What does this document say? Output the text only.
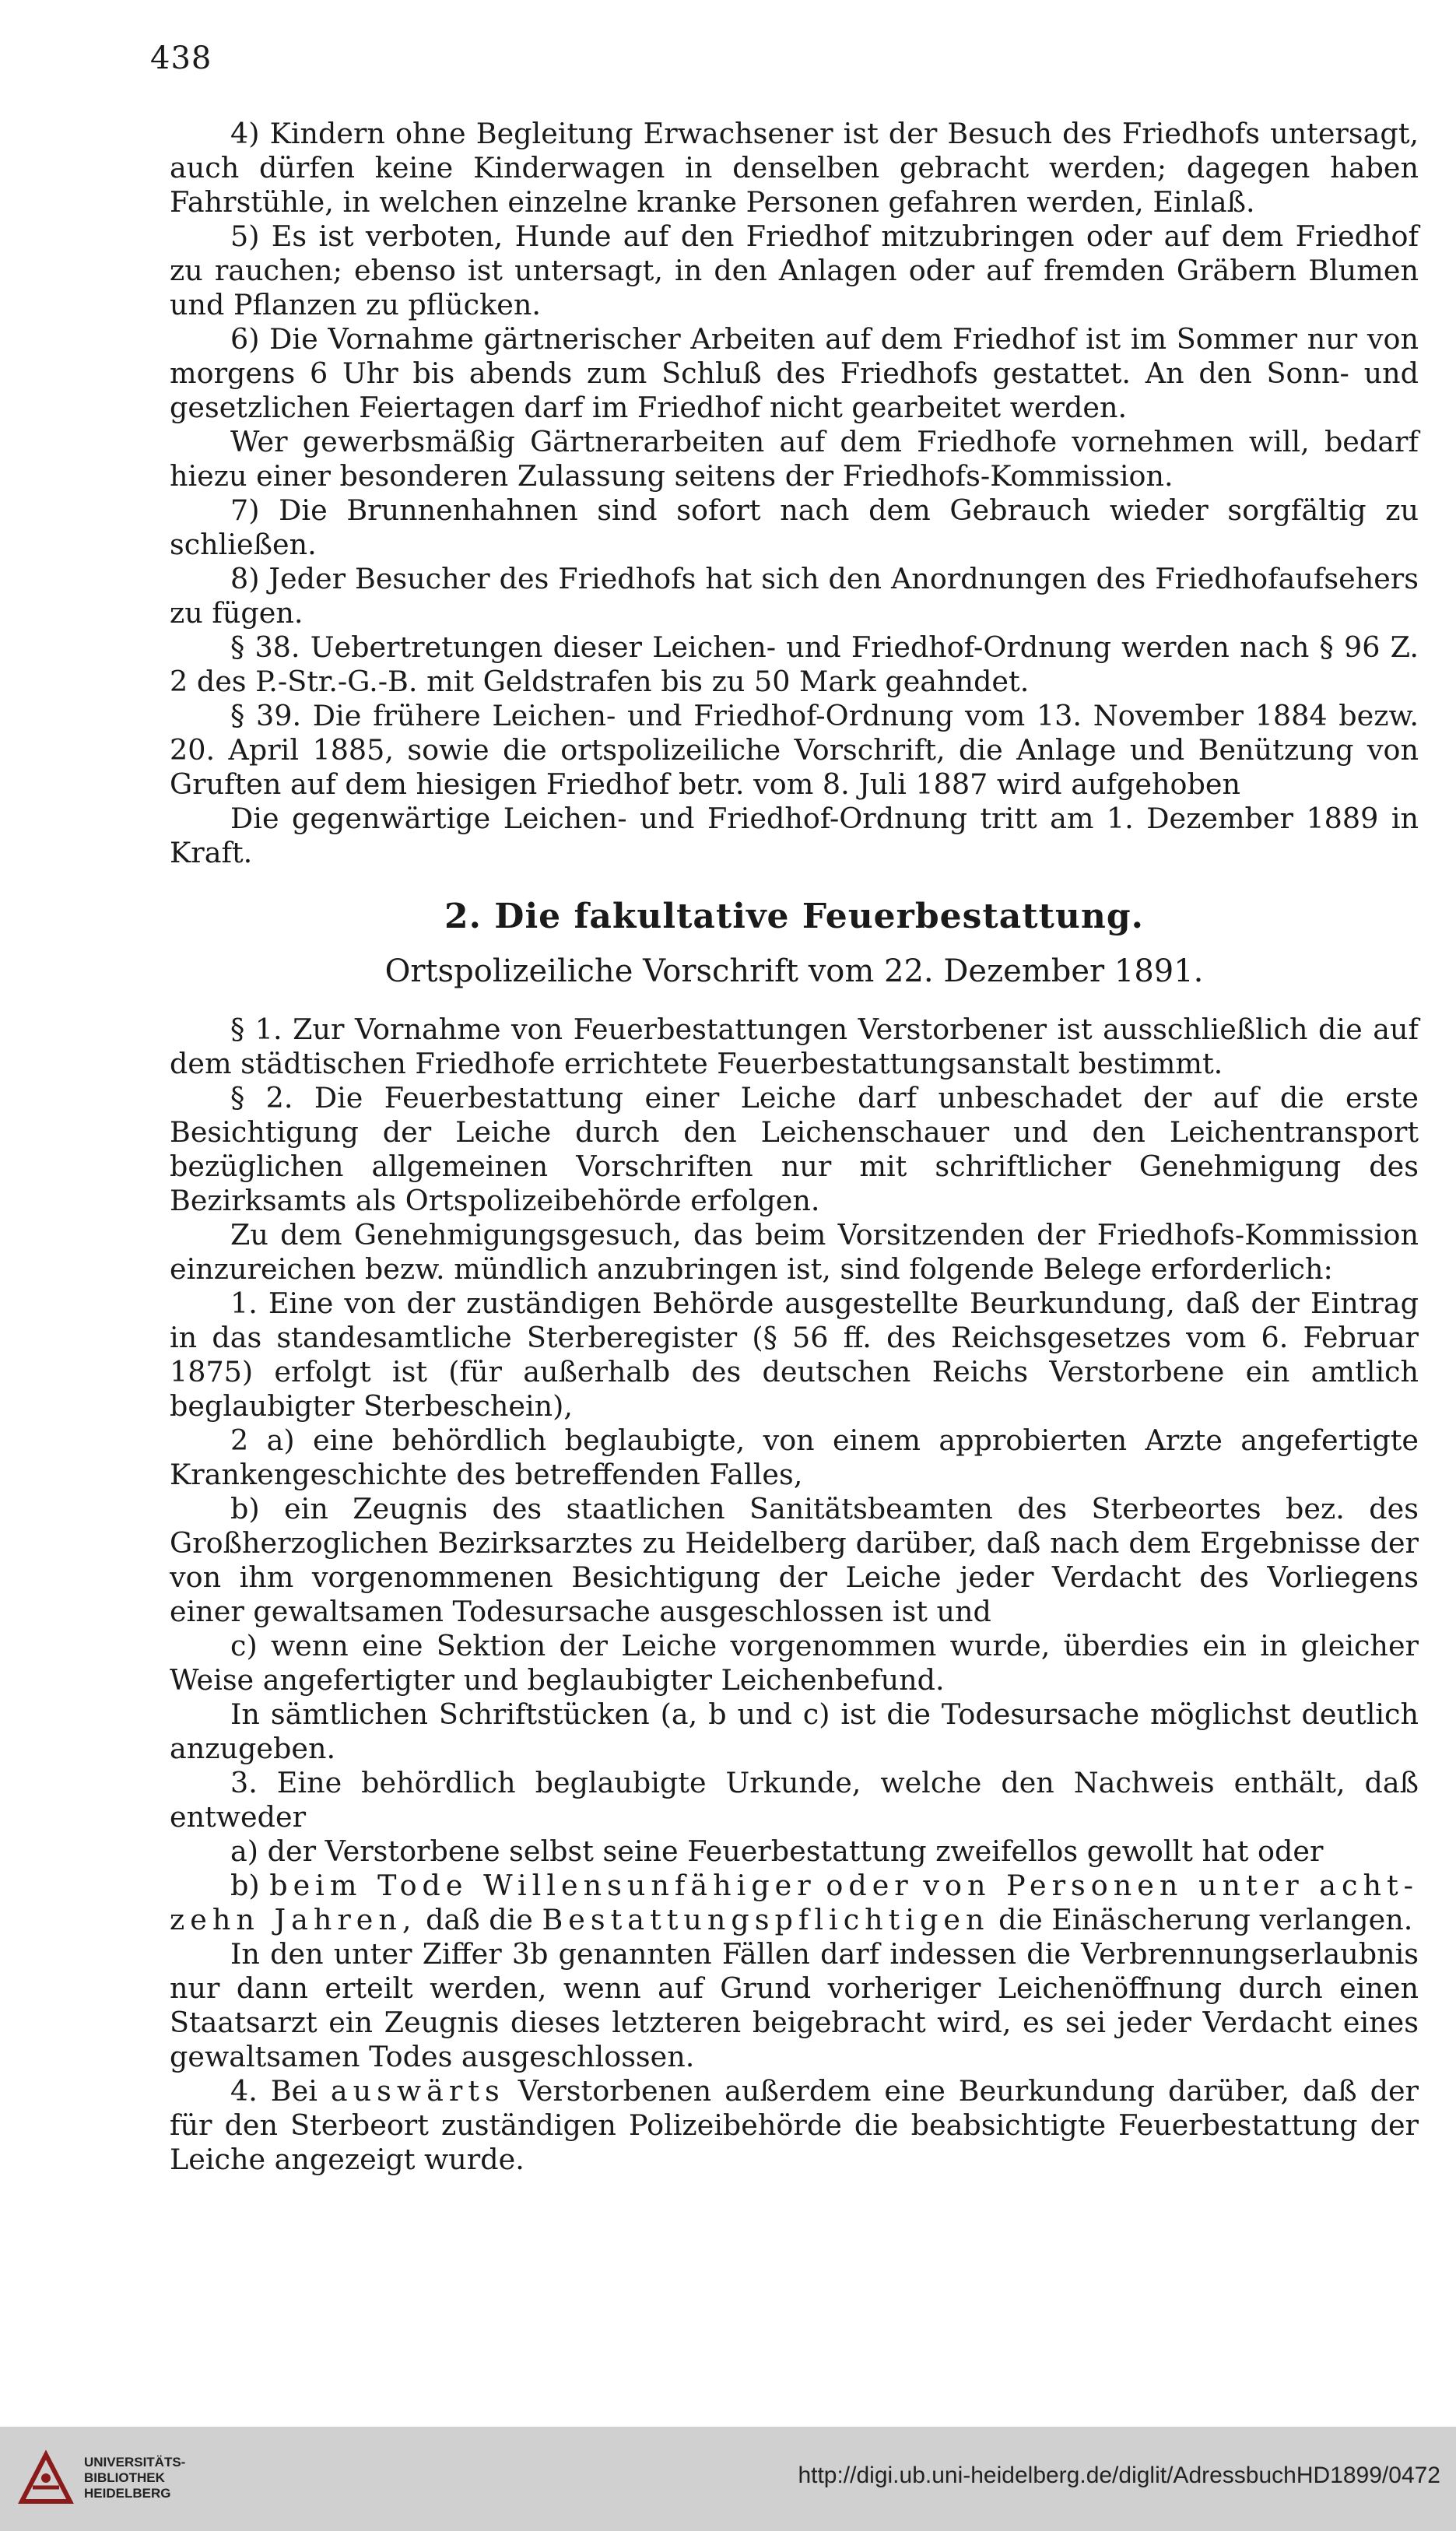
438

4) Kindern ohne Begleitung Erwachsener ist der Besuch des Friedhofs untersagt, auch dürfen keine Kinderwagen in denselben gebracht werden; dagegen haben Fahrstühle, in welchen einzelne kranke Personen gefahren werden, Einlaß.

5) Es ist verboten, Hunde auf den Friedhof mitzubringen oder auf dem Friedhof zu rauchen; ebenso ist untersagt, in den Anlagen oder auf fremden Gräbern Blumen und Pflanzen zu pflücken.

6) Die Vornahme gärtnerischer Arbeiten auf dem Friedhof ist im Sommer nur von morgens 6 Uhr bis abends zum Schluß des Friedhofs gestattet. An den Sonn- und gesetzlichen Feiertagen darf im Friedhof nicht gearbeitet werden.

Wer gewerbsmäßig Gärtnerarbeiten auf dem Friedhofe vornehmen will, bedarf hiezu einer besonderen Zulassung seitens der Friedhofs-Kommission.

7) Die Brunnenhahnen sind sofort nach dem Gebrauch wieder sorgfältig zu schließen.

8) Jeder Besucher des Friedhofs hat sich den Anordnungen des Friedhofaufsehers zu fügen.

§ 38. Uebertretungen dieser Leichen- und Friedhof-Ordnung werden nach § 96 Z. 2 des P.-Str.-G.-B. mit Geldstrafen bis zu 50 Mark geahndet.

§ 39. Die frühere Leichen- und Friedhof-Ordnung vom 13. November 1884 bezw. 20. April 1885, sowie die ortspolizeiliche Vorschrift, die Anlage und Benützung von Gruften auf dem hiesigen Friedhof betr. vom 8. Juli 1887 wird aufgehoben

Die gegenwärtige Leichen- und Friedhof-Ordnung tritt am 1. Dezember 1889 in Kraft.

2. Die fakultative Feuerbestattung.
Ortspolizeiliche Vorschrift vom 22. Dezember 1891.

§ 1. Zur Vornahme von Feuerbestattungen Verstorbener ist ausschließlich die auf dem städtischen Friedhofe errichtete Feuerbestattungsanstalt bestimmt.

§ 2. Die Feuerbestattung einer Leiche darf unbeschadet der auf die erste Besichtigung der Leiche durch den Leichenschauer und den Leichentransport bezüglichen allgemeinen Vorschriften nur mit schriftlicher Genehmigung des Bezirksamts als Ortspolizeibehörde erfolgen.

Zu dem Genehmigungsgesuch, das beim Vorsitzenden der Friedhofs-Kommission einzureichen bezw. mündlich anzubringen ist, sind folgende Belege erforderlich:

1. Eine von der zuständigen Behörde ausgestellte Beurkundung, daß der Eintrag in das standesamtliche Sterberegister (§ 56 ff. des Reichsgesetzes vom 6. Februar 1875) erfolgt ist (für außerhalb des deutschen Reichs Verstorbene ein amtlich beglaubigter Sterbeschein),

2 a) eine behördlich beglaubigte, von einem approbierten Arzte angefertigte Krankengeschichte des betreffenden Falles,

b) ein Zeugnis des staatlichen Sanitätsbeamten des Sterbeortes bez. des Großherzoglichen Bezirksarztes zu Heidelberg darüber, daß nach dem Ergebnisse der von ihm vorgenommenen Besichtigung der Leiche jeder Verdacht des Vorliegens einer gewaltsamen Todesursache ausgeschlossen ist und

c) wenn eine Sektion der Leiche vorgenommen wurde, überdies ein in gleicher Weise angefertigter und beglaubigter Leichenbefund.

In sämtlichen Schriftstücken (a, b und c) ist die Todesursache möglichst deutlich anzugeben.

3. Eine behördlich beglaubigte Urkunde, welche den Nachweis enthält, daß entweder

a) der Verstorbene selbst seine Feuerbestattung zweifellos gewollt hat oder

b) beim Tode Willensunfähiger oder von Personen unter acht-zehn Jahren, daß die Bestattungspflichtigen die Einäscherung verlangen.

In den unter Ziffer 3b genannten Fällen darf indessen die Verbrennungserlaubnis nur dann erteilt werden, wenn auf Grund vorheriger Leichenöffnung durch einen Staatsarzt ein Zeugnis dieses letzteren beigebracht wird, es sei jeder Verdacht eines gewaltsamen Todes ausgeschlossen.

4. Bei auswärts Verstorbenen außerdem eine Beurkundung darüber, daß der für den Sterbeort zuständigen Polizeibehörde die beabsichtigte Feuerbestattung der Leiche angezeigt wurde.

UNIVERSITÄTS-
BIBLIOTHEK
HEIDELBERG
http://digi.ub.uni-heidelberg.de/diglit/AdressbuchHD1899/0472
